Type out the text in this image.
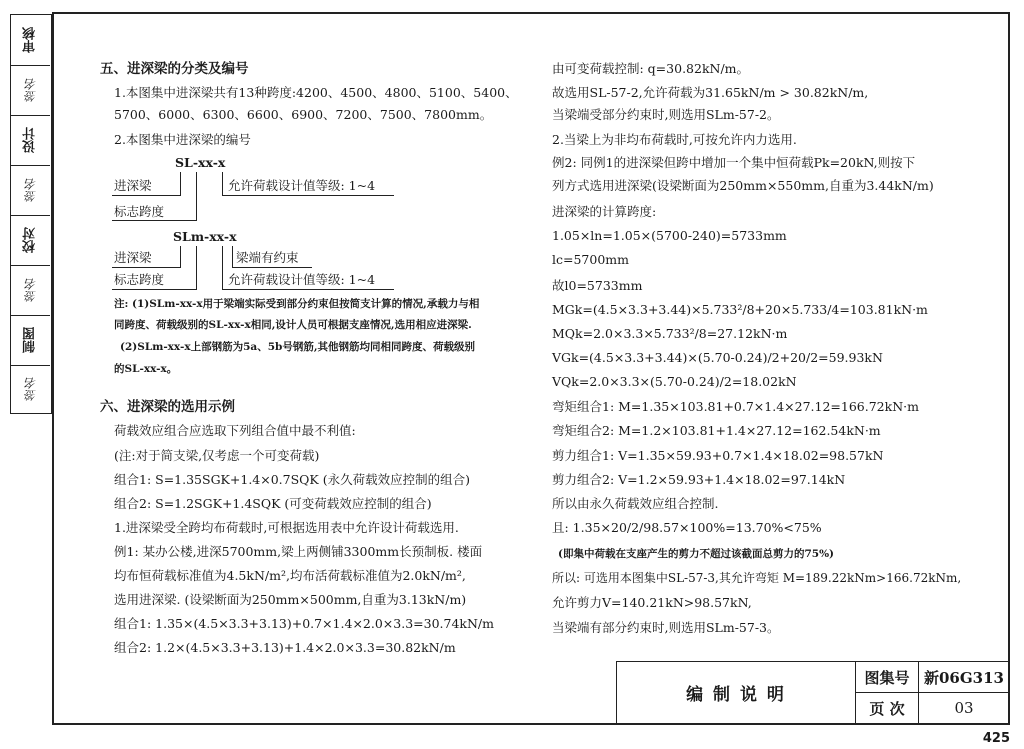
审核
签名
设计
签名
校对
签名
制图
签名
五、进深梁的分类及编号
1.本图集中进深梁共有13种跨度:4200、4500、4800、5100、5400、
5700、6000、6300、6600、6900、7200、7500、7800mm。
2.本图集中进深梁的编号
SL-xx-x
进深梁	允许荷载设计值等级: 1~4
标志跨度
SLm-xx-x
进深梁	梁端有约束
标志跨度	允许荷载设计值等级: 1~4
注: (1)SLm-xx-x用于梁端实际受到部分约束但按简支计算的情况,承载力与相
同跨度、荷载级别的SL-xx-x相同,设计人员可根据支座情况,选用相应进深梁.
(2)SLm-xx-x上部钢筋为5a、5b号钢筋,其他钢筋均同相同跨度、荷载级别
的SL-xx-x。
六、进深梁的选用示例
荷载效应组合应选取下列组合值中最不利值:
(注:对于简支梁,仅考虑一个可变荷载)
组合1: S=1.35SGK+1.4×0.7SQK (永久荷载效应控制的组合)
组合2: S=1.2SGK+1.4SQK (可变荷载效应控制的组合)
1.进深梁受全跨均布荷载时,可根据选用表中允许设计荷载选用.
例1: 某办公楼,进深5700mm,梁上两侧铺3300mm长预制板. 楼面
均布恒荷载标准值为4.5kN/m²,均布活荷载标准值为2.0kN/m²,
选用进深梁. (设梁断面为250mm×500mm,自重为3.13kN/m)
组合1: 1.35×(4.5×3.3+3.13)+0.7×1.4×2.0×3.3=30.74kN/m
组合2: 1.2×(4.5×3.3+3.13)+1.4×2.0×3.3=30.82kN/m
由可变荷载控制: q=30.82kN/m。
故选用SL-57-2,允许荷载为31.65kN/m > 30.82kN/m,
当梁端受部分约束时,则选用SLm-57-2。
2.当梁上为非均布荷载时,可按允许内力选用.
例2: 同例1的进深梁但跨中增加一个集中恒荷载Pk=20kN,则按下
列方式选用进深梁(设梁断面为250mm×550mm,自重为3.44kN/m)
进深梁的计算跨度:
1.05×ln=1.05×(5700-240)=5733mm
lc=5700mm
故l0=5733mm
MGk=(4.5×3.3+3.44)×5.733²/8+20×5.733/4=103.81kN·m
MQk=2.0×3.3×5.733²/8=27.12kN·m
VGk=(4.5×3.3+3.44)×(5.70-0.24)/2+20/2=59.93kN
VQk=2.0×3.3×(5.70-0.24)/2=18.02kN
弯矩组合1: M=1.35×103.81+0.7×1.4×27.12=166.72kN·m
弯矩组合2: M=1.2×103.81+1.4×27.12=162.54kN·m
剪力组合1: V=1.35×59.93+0.7×1.4×18.02=98.57kN
剪力组合2: V=1.2×59.93+1.4×18.02=97.14kN
所以由永久荷载效应组合控制.
且: 1.35×20/2/98.57×100%=13.70%<75%
(即集中荷载在支座产生的剪力不超过该截面总剪力的75%)
所以: 可选用本图集中SL-57-3,其允许弯矩 M=189.22kNm>166.72kNm,
允许剪力V=140.21kN>98.57kN,
当梁端有部分约束时,则选用SLm-57-3。
编 制 说 明
图集号 新06G313
页 次	03
425
